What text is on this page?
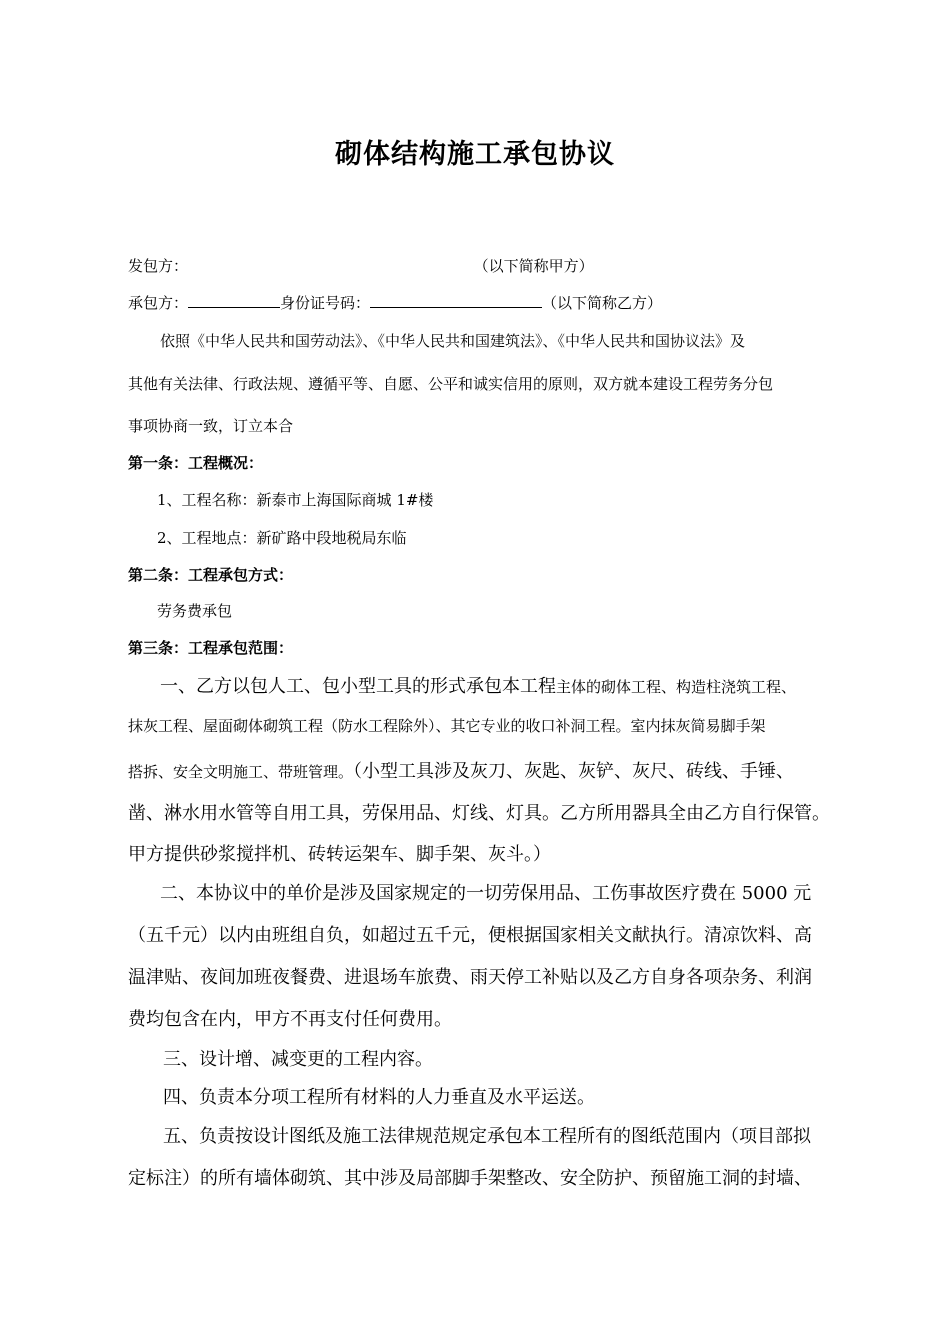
砌体结构施工承包协议
发包方：	（以下简称甲方）
承包方：	身份证号码：	（以下简称乙方）
依照《中华人民共和国劳动法》、《中华人民共和国建筑法》、《中华人民共和国协议法》及
其他有关法律、行政法规、遵循平等、自愿、公平和诚实信用的原则，双方就本建设工程劳务分包
事项协商一致，订立本合
第一条：工程概况：
1、工程名称：新泰市上海国际商城 1#楼
2、工程地点：新矿路中段地税局东临
第二条：工程承包方式：
劳务费承包
第三条：工程承包范围：
一、乙方以包人工、包小型工具的形式承包本工程主体的砌体工程、构造柱浇筑工程、
抹灰工程、屋面砌体砌筑工程（防水工程除外）、其它专业的收口补洞工程。室内抹灰简易脚手架
搭拆、安全文明施工、带班管理。（小型工具涉及灰刀、灰匙、灰铲、灰尺、砖线、手锤、
凿、淋水用水管等自用工具，劳保用品、灯线、灯具。乙方所用器具全由乙方自行保管。
甲方提供砂浆搅拌机、砖转运架车、脚手架、灰斗。）
二、本协议中的单价是涉及国家规定的一切劳保用品、工伤事故医疗费在 5000 元
（五千元）以内由班组自负，如超过五千元，便根据国家相关文献执行。清凉饮料、高
温津贴、夜间加班夜餐费、进退场车旅费、雨天停工补贴以及乙方自身各项杂务、利润
费均包含在内，甲方不再支付任何费用。
三、设计增、减变更的工程内容。
四、负责本分项工程所有材料的人力垂直及水平运送。
五、负责按设计图纸及施工法律规范规定承包本工程所有的图纸范围内（项目部拟
定标注）的所有墙体砌筑、其中涉及局部脚手架整改、安全防护、预留施工洞的封墙、
